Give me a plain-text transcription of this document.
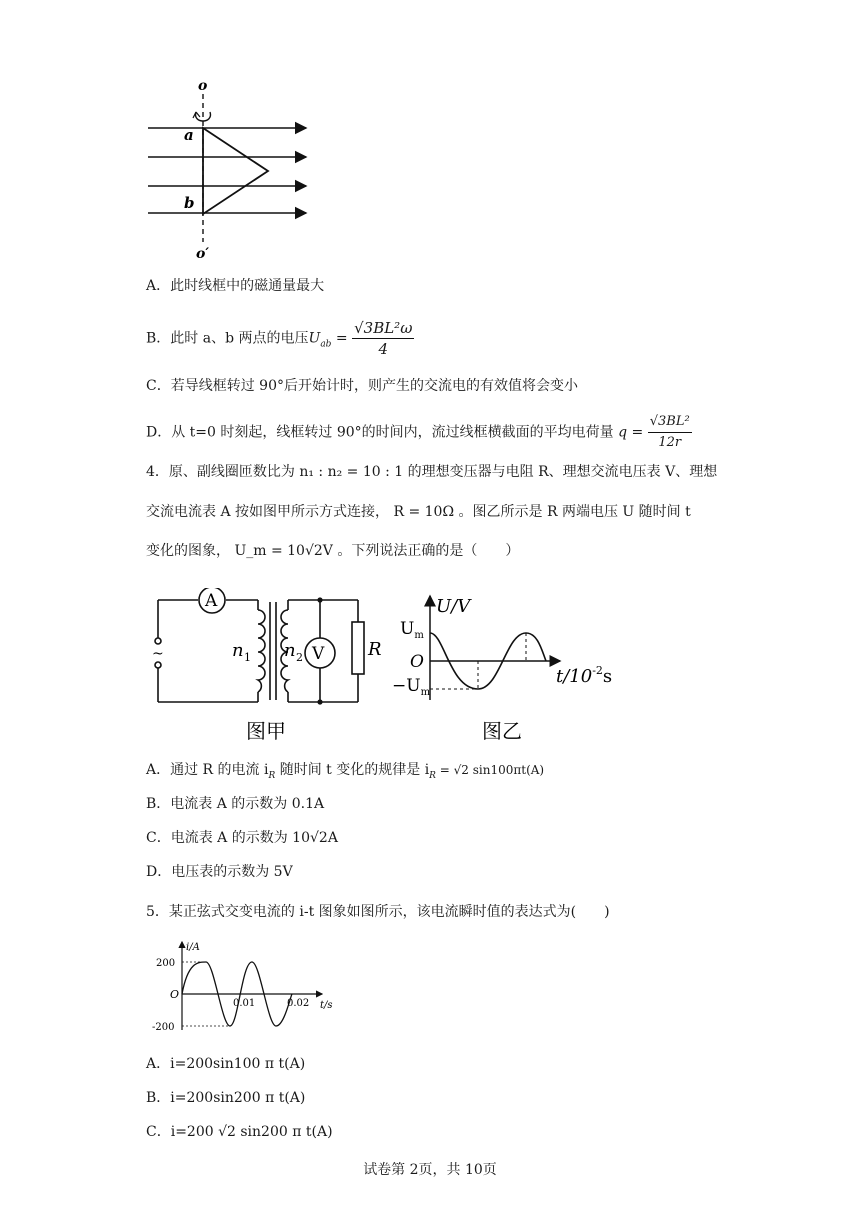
o
a
b
o′
A．此时线框中的磁通量最大
B．此时 a、b 两点的电压$U_{ab} = \frac{\text{√3BL²ω}}{4}$
C．若导线框转过 90°后开始计时，则产生的交流电的有效值将会变小
D．从 t=0 时刻起，线框转过 90°的时间内，流过线框横截面的平均电荷量 $q = \frac{\text{√3BL²}}{12r}$
4．原、副线圈匝数比为 n₁ : n₂ = 10 : 1 的理想变压器与电阻 R、理想交流电压表 V、理想
交流电流表 A 按如图甲所示方式连接， R = 10Ω 。图乙所示是 R 两端电压 U 随时间 t
变化的图象， U_m = 10√2V 。下列说法正确的是（　　）
A
V
~	n 1 n 2	R
图甲
U/V
$U_m$
O
$-U_m$
$t/10^{-2}s$
图乙
A．通过 R 的电流 $i_R$ 随时间 t 变化的规律是 $i_R = √2$ sin100πt(A)
B．电流表 A 的示数为 0.1A
C．电流表 A 的示数为 10√2A
D．电压表的示数为 5V
5．某正弦式交变电流的 i-t 图象如图所示，该电流瞬时值的表达式为(　　)
i/A
200
O
-200
0.01	0.02 t/s
A．i=200sin100 π t(A)
B．i=200sin200 π t(A)
C．i=200 √2 sin200 π t(A)
试卷第 2页，共 10页
